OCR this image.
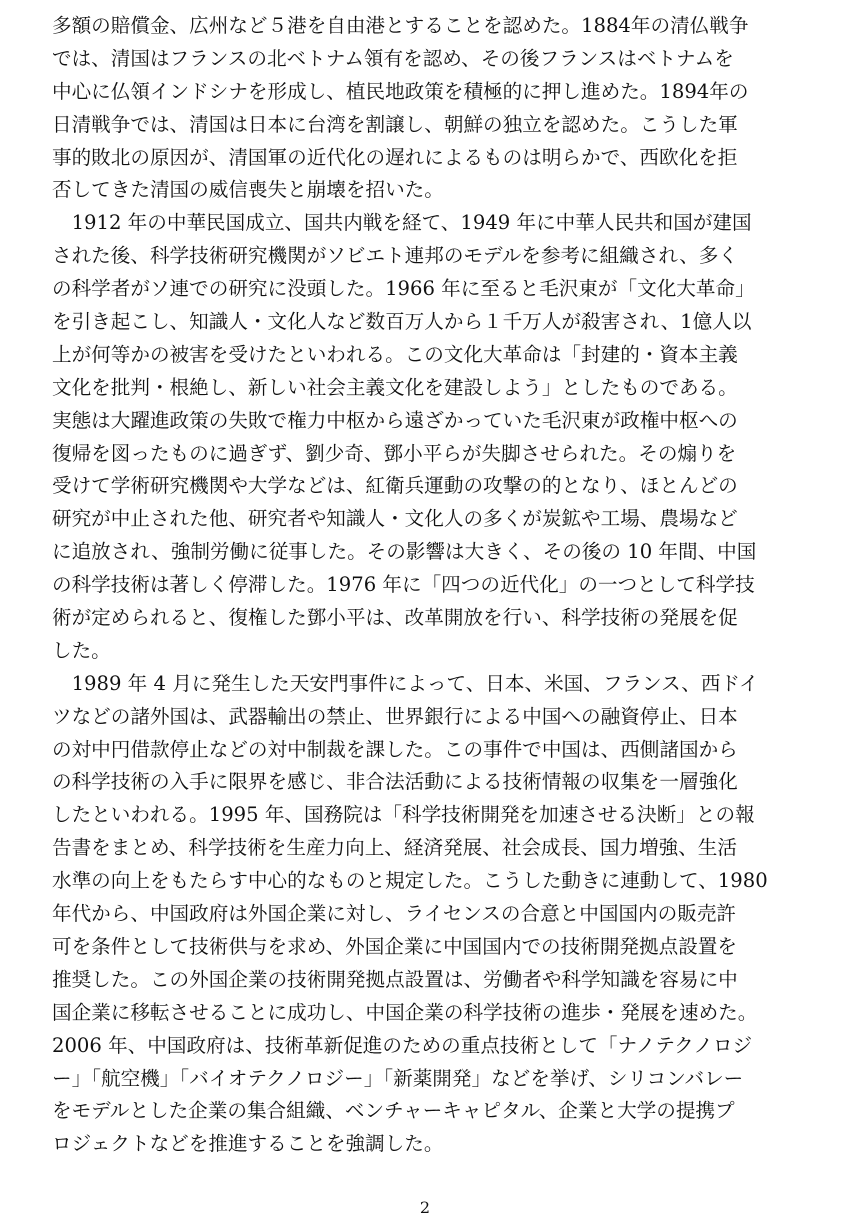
多額の賠償金、広州など５港を自由港とすることを認めた。1884年の清仏戦争
では、清国はフランスの北ベトナム領有を認め、その後フランスはベトナムを
中心に仏領インドシナを形成し、植民地政策を積極的に押し進めた。1894年の
日清戦争では、清国は日本に台湾を割譲し、朝鮮の独立を認めた。こうした軍
事的敗北の原因が、清国軍の近代化の遅れによるものは明らかで、西欧化を拒
否してきた清国の威信喪失と崩壊を招いた。
　1912 年の中華民国成立、国共内戦を経て、1949 年に中華人民共和国が建国
された後、科学技術研究機関がソビエト連邦のモデルを参考に組織され、多く
の科学者がソ連での研究に没頭した。1966 年に至ると毛沢東が「文化大革命」
を引き起こし、知識人・文化人など数百万人から１千万人が殺害され、1億人以
上が何等かの被害を受けたといわれる。この文化大革命は「封建的・資本主義
文化を批判・根絶し、新しい社会主義文化を建設しよう」としたものである。
実態は大躍進政策の失敗で権力中枢から遠ざかっていた毛沢東が政権中枢への
復帰を図ったものに過ぎず、劉少奇、鄧小平らが失脚させられた。その煽りを
受けて学術研究機関や大学などは、紅衛兵運動の攻撃の的となり、ほとんどの
研究が中止された他、研究者や知識人・文化人の多くが炭鉱や工場、農場など
に追放され、強制労働に従事した。その影響は大きく、その後の 10 年間、中国
の科学技術は著しく停滞した。1976 年に「四つの近代化」の一つとして科学技
術が定められると、復権した鄧小平は、改革開放を行い、科学技術の発展を促
した。
　1989 年 4 月に発生した天安門事件によって、日本、米国、フランス、西ドイ
ツなどの諸外国は、武器輸出の禁止、世界銀行による中国への融資停止、日本
の対中円借款停止などの対中制裁を課した。この事件で中国は、西側諸国から
の科学技術の入手に限界を感じ、非合法活動による技術情報の収集を一層強化
したといわれる。1995 年、国務院は「科学技術開発を加速させる決断」との報
告書をまとめ、科学技術を生産力向上、経済発展、社会成長、国力増強、生活
水準の向上をもたらす中心的なものと規定した。こうした動きに連動して、1980
年代から、中国政府は外国企業に対し、ライセンスの合意と中国国内の販売許
可を条件として技術供与を求め、外国企業に中国国内での技術開発拠点設置を
推奨した。この外国企業の技術開発拠点設置は、労働者や科学知識を容易に中
国企業に移転させることに成功し、中国企業の科学技術の進歩・発展を速めた。
2006 年、中国政府は、技術革新促進のための重点技術として「ナノテクノロジ
ー」「航空機」「バイオテクノロジー」「新薬開発」などを挙げ、シリコンバレー
をモデルとした企業の集合組織、ベンチャーキャピタル、企業と大学の提携プ
ロジェクトなどを推進することを強調した。
2
